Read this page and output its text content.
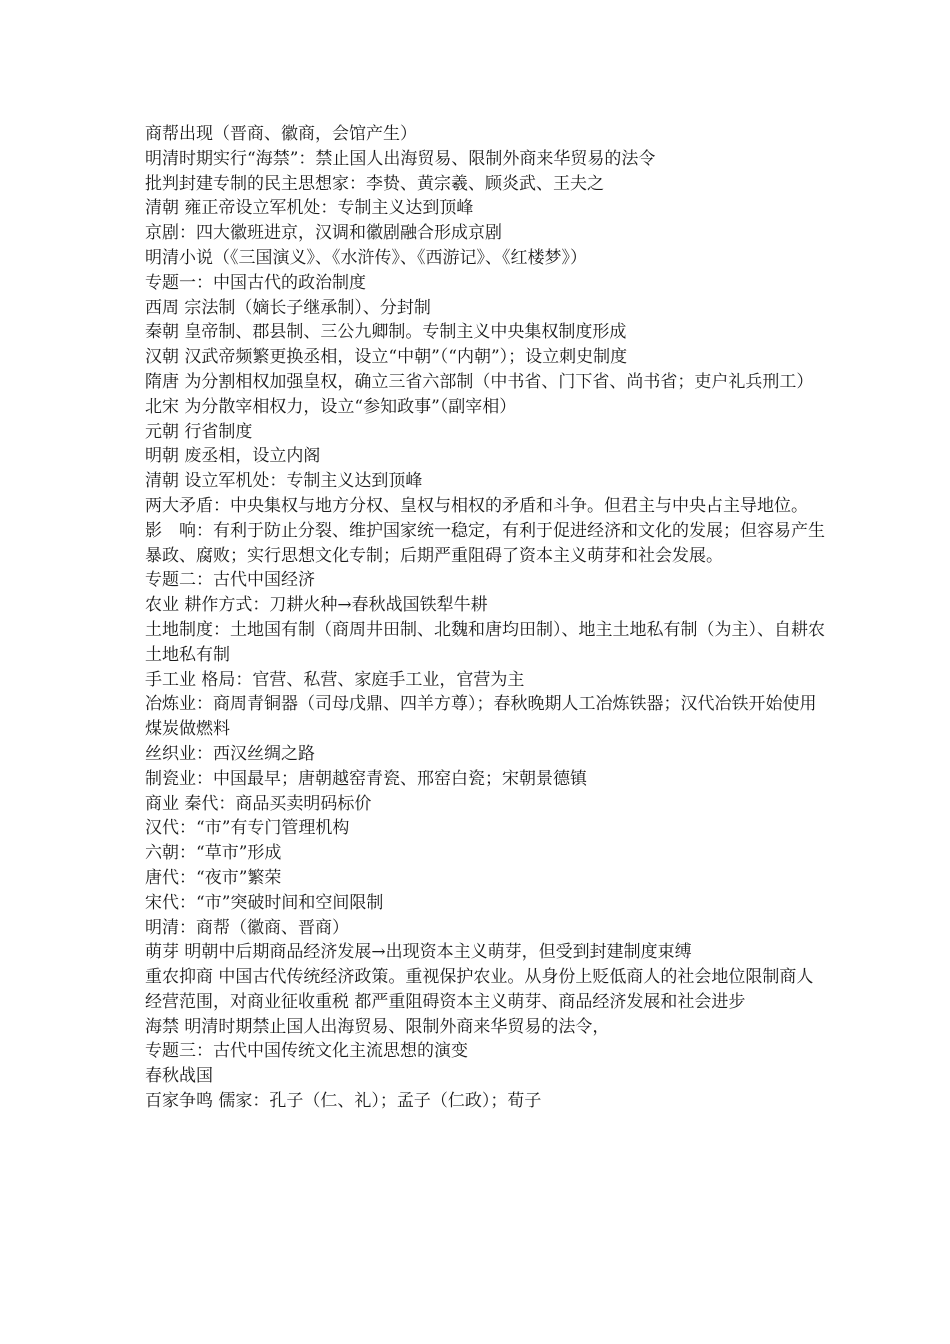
商帮出现（晋商、徽商，会馆产生）

明清时期实行“海禁”：禁止国人出海贸易、限制外商来华贸易的法令

批判封建专制的民主思想家：李贽、黄宗羲、顾炎武、王夫之

清朝 雍正帝设立军机处：专制主义达到顶峰

京剧：四大徽班进京，汉调和徽剧融合形成京剧

明清小说（《三国演义》、《水浒传》、《西游记》、《红楼梦》）

专题一：中国古代的政治制度

西周 宗法制（嫡长子继承制）、分封制

秦朝 皇帝制、郡县制、三公九卿制。专制主义中央集权制度形成

汉朝 汉武帝频繁更换丞相，设立“中朝”（“内朝”）；设立刺史制度

隋唐 为分割相权加强皇权，确立三省六部制（中书省、门下省、尚书省；吏户礼兵刑工）

北宋 为分散宰相权力，设立“参知政事”（副宰相）

元朝 行省制度

明朝 废丞相，设立内阁

清朝 设立军机处：专制主义达到顶峰

两大矛盾：中央集权与地方分权、皇权与相权的矛盾和斗争。但君主与中央占主导地位。

影　响：有利于防止分裂、维护国家统一稳定，有利于促进经济和文化的发展；但容易产生暴政、腐败；实行思想文化专制；后期严重阻碍了资本主义萌芽和社会发展。

专题二：古代中国经济

农业 耕作方式：刀耕火种→春秋战国铁犁牛耕

土地制度：土地国有制（商周井田制、北魏和唐均田制）、地主土地私有制（为主）、自耕农土地私有制

手工业 格局：官营、私营、家庭手工业，官营为主

冶炼业：商周青铜器（司母戊鼎、四羊方尊）；春秋晚期人工冶炼铁器；汉代冶铁开始使用煤炭做燃料

丝织业：西汉丝绸之路

制瓷业：中国最早；唐朝越窑青瓷、邢窑白瓷；宋朝景德镇

商业 秦代：商品买卖明码标价

汉代：“市”有专门管理机构

六朝：“草市”形成

唐代：“夜市”繁荣

宋代：“市”突破时间和空间限制

明清：商帮（徽商、晋商）

萌芽 明朝中后期商品经济发展→出现资本主义萌芽，但受到封建制度束缚

重农抑商 中国古代传统经济政策。重视保护农业。从身份上贬低商人的社会地位限制商人经营范围，对商业征收重税 都严重阻碍资本主义萌芽、商品经济发展和社会进步

海禁 明清时期禁止国人出海贸易、限制外商来华贸易的法令，

专题三：古代中国传统文化主流思想的演变

春秋战国

百家争鸣 儒家：孔子（仁、礼）；孟子（仁政）；荀子
